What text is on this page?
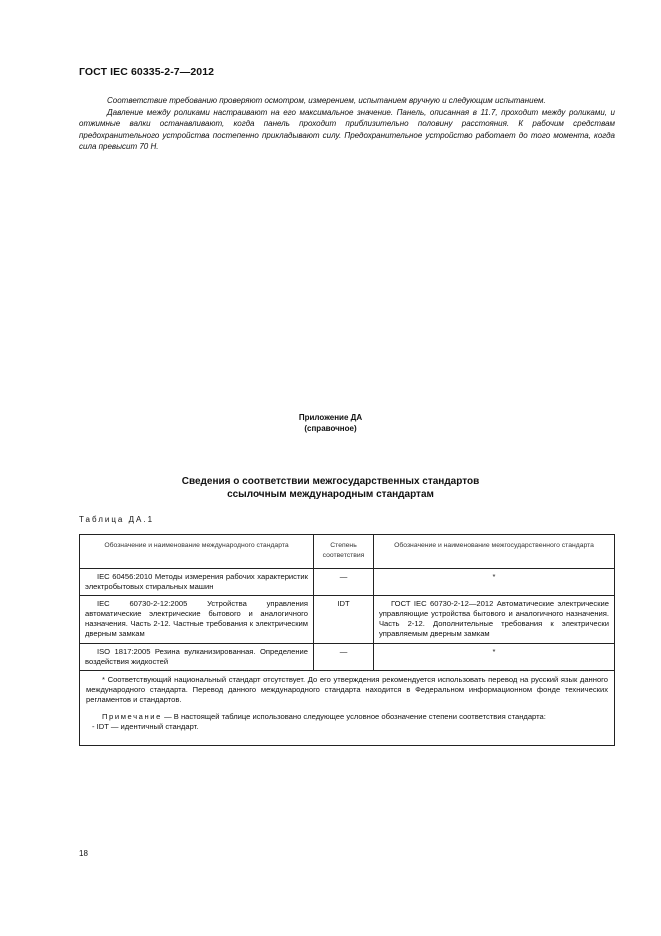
ГОСТ IEC 60335-2-7—2012

Соответствие требованию проверяют осмотром, измерением, испытанием вручную и следующим испытанием.

Давление между роликами настраивают на его максимальное значение. Панель, описанная в 11.7, проходит между роликами, и отжимные валки останавливают, когда панель проходит приблизительно половину расстояния. К рабочим средствам предохранительного устройства постепенно прикладывают силу. Предохранительное устройство работает до того момента, когда сила превысит 70 Н.

Приложение ДА
(справочное)
Сведения о соответствии межгосударственных стандартов
ссылочным международным стандартам
Таблица ДА.1
Обозначение и наименование международного стандарта	Степень соответствия	Обозначение и наименование межгосударственного стандарта
IEC 60456:2010 Методы измерения рабочих характеристик электробытовых стиральных машин	—	*
IEC 60730-2-12:2005 Устройства управления автоматические электрические бытового и аналогичного назначения. Часть 2-12. Частные требования к электрическим дверным замкам	IDT	ГОСТ IEC 60730-2-12—2012 Автоматические электрические управляющие устройства бытового и аналогичного назначения. Часть 2-12. Дополнительные требования к электрически управляемым дверным замкам
ISO 1817:2005 Резина вулканизированная. Определение воздействия жидкостей	—	*

* Соответствующий национальный стандарт отсутствует. До его утверждения рекомендуется использовать перевод на русский язык данного международного стандарта. Перевод данного международного стандарта находится в Федеральном информационном фонде технических регламентов и стандартов.

Примечание — В настоящей таблице использовано следующее условное обозначение степени соответствия стандарта:

- IDT — идентичный стандарт.		

18
